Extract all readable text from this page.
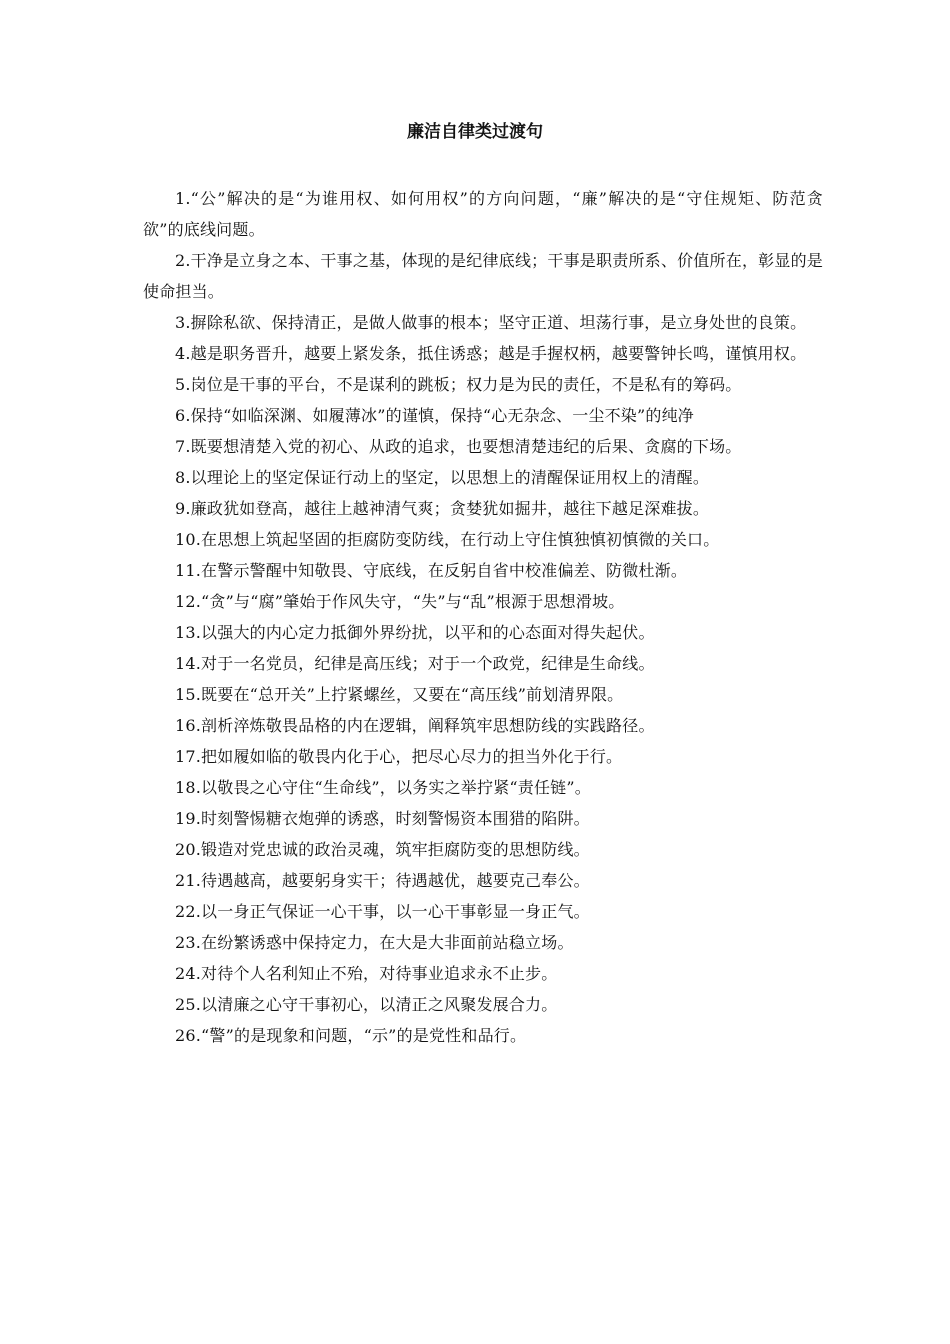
廉洁自律类过渡句

1.“公”解决的是“为谁用权、如何用权”的方向问题，“廉”解决的是“守住规矩、防范贪欲”的底线问题。

2.干净是立身之本、干事之基，体现的是纪律底线；干事是职责所系、价值所在，彰显的是使命担当。

3.摒除私欲、保持清正，是做人做事的根本；坚守正道、坦荡行事，是立身处世的良策。

4.越是职务晋升，越要上紧发条，抵住诱惑；越是手握权柄，越要警钟长鸣，谨慎用权。

5.岗位是干事的平台，不是谋利的跳板；权力是为民的责任，不是私有的筹码。

6.保持“如临深渊、如履薄冰”的谨慎，保持“心无杂念、一尘不染”的纯净

7.既要想清楚入党的初心、从政的追求，也要想清楚违纪的后果、贪腐的下场。

8.以理论上的坚定保证行动上的坚定，以思想上的清醒保证用权上的清醒。

9.廉政犹如登高，越往上越神清气爽；贪婪犹如掘井，越往下越足深难拔。

10.在思想上筑起坚固的拒腐防变防线，在行动上守住慎独慎初慎微的关口。

11.在警示警醒中知敬畏、守底线，在反躬自省中校准偏差、防微杜渐。

12.“贪”与“腐”肇始于作风失守，“失”与“乱”根源于思想滑坡。

13.以强大的内心定力抵御外界纷扰，以平和的心态面对得失起伏。

14.对于一名党员，纪律是高压线；对于一个政党，纪律是生命线。

15.既要在“总开关”上拧紧螺丝，又要在“高压线”前划清界限。

16.剖析淬炼敬畏品格的内在逻辑，阐释筑牢思想防线的实践路径。

17.把如履如临的敬畏内化于心，把尽心尽力的担当外化于行。

18.以敬畏之心守住“生命线”，以务实之举拧紧“责任链”。

19.时刻警惕糖衣炮弹的诱惑，时刻警惕资本围猎的陷阱。

20.锻造对党忠诚的政治灵魂，筑牢拒腐防变的思想防线。

21.待遇越高，越要躬身实干；待遇越优，越要克己奉公。

22.以一身正气保证一心干事，以一心干事彰显一身正气。

23.在纷繁诱惑中保持定力，在大是大非面前站稳立场。

24.对待个人名利知止不殆，对待事业追求永不止步。

25.以清廉之心守干事初心，以清正之风聚发展合力。

26.“警”的是现象和问题，“示”的是党性和品行。
